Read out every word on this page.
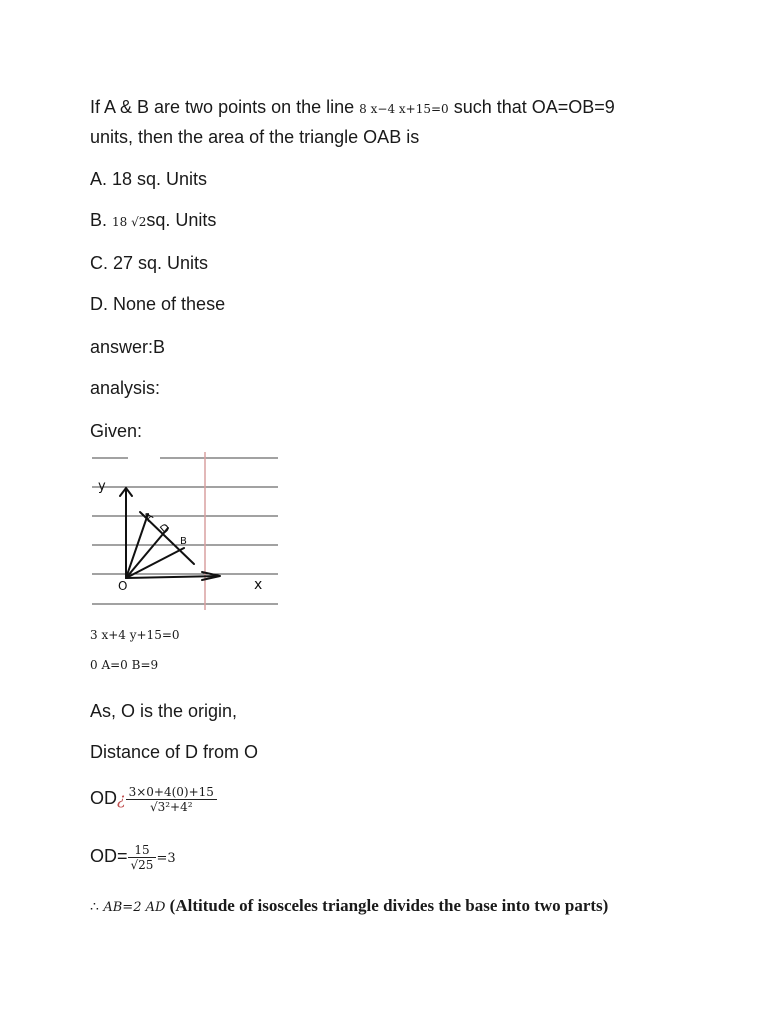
If A & B are two points on the line 8 x−4 x+15=0 such that OA=OB=9
units, then the area of the triangle OAB is
A. 18 sq. Units
B. 18 √2sq. Units
C. 27 sq. Units
D. None of these
answer:B
analysis:
Given:
y
x
O
A
D
B
3 x+4 y+15=0
0 A=0 B=9
As, O is the origin,
Distance of D from O
OD¿ $\frac{3\times 0+4(0)+15}{\text{√3²+4²}}$
$OD= \frac{15}{√25} =3$
∴ AB=2 AD (Altitude of isosceles triangle divides the base into two parts)
